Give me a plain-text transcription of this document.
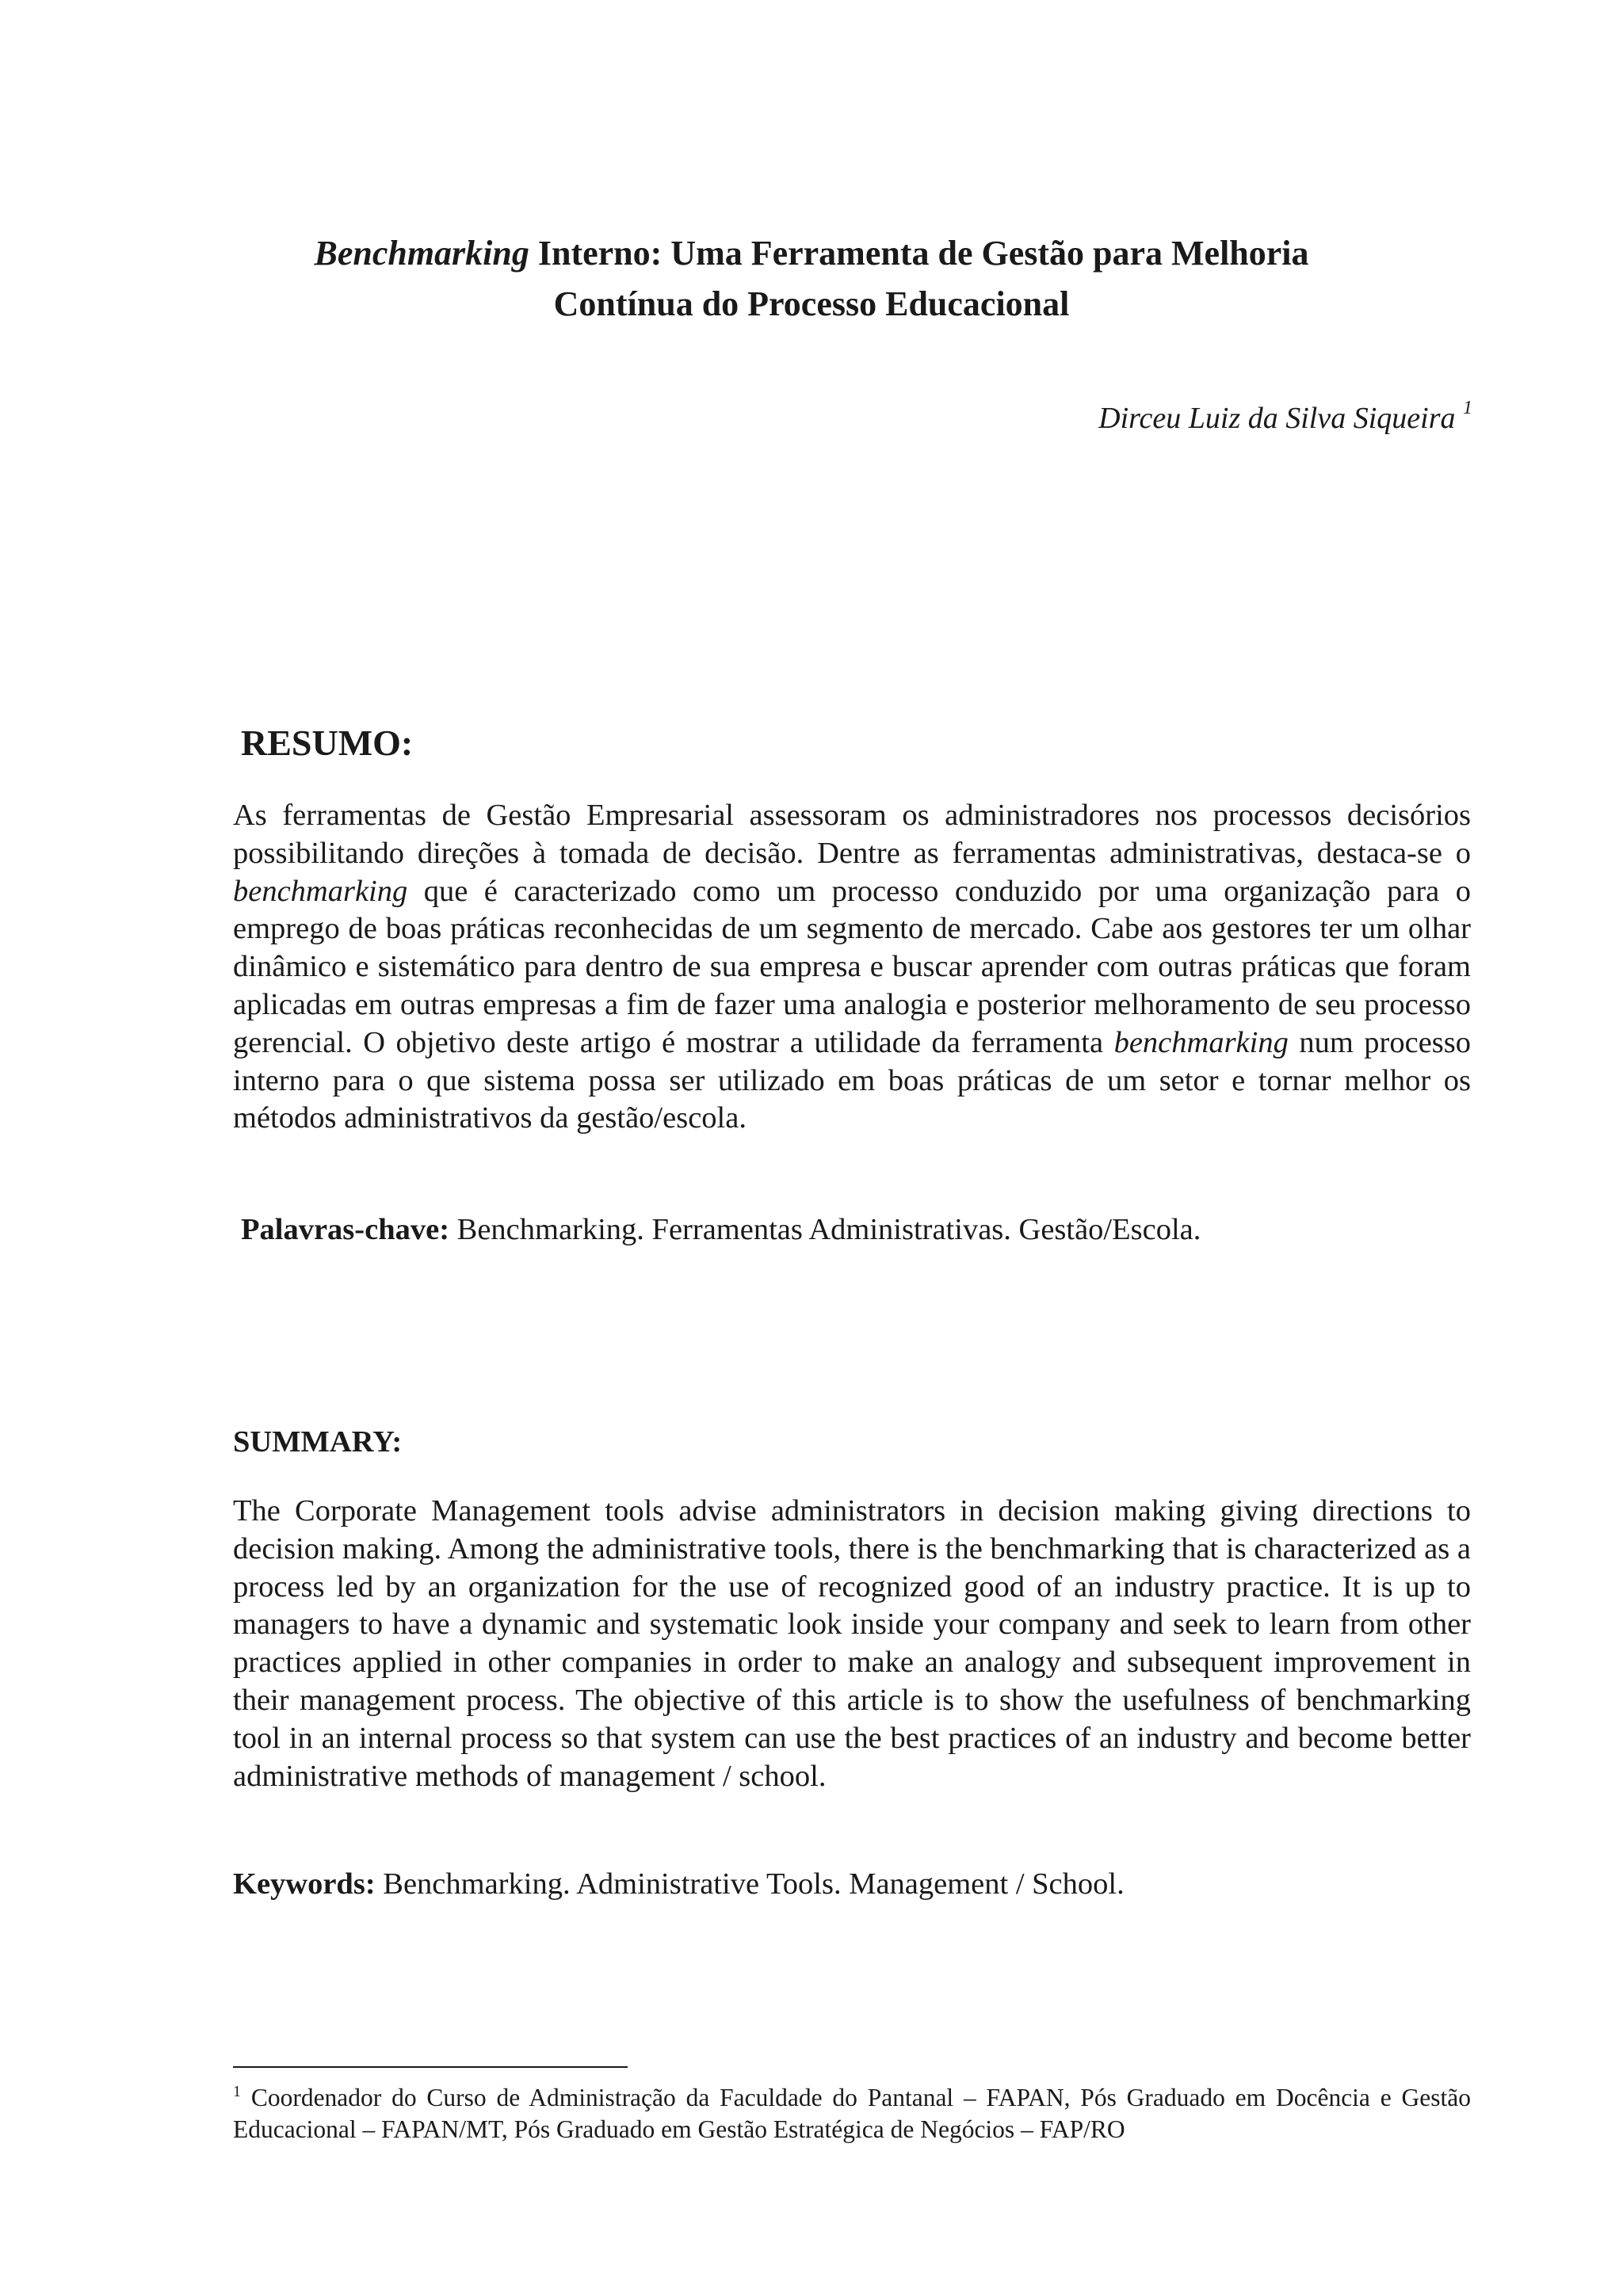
Benchmarking Interno: Uma Ferramenta de Gestão para Melhoria
Contínua do Processo Educacional

Dirceu Luiz da Silva Siqueira $^1$

RESUMO:

As ferramentas de Gestão Empresarial assessoram os administradores nos processos decisórios possibilitando direções à tomada de decisão. Dentre as ferramentas administrativas, destaca-se o benchmarking que é caracterizado como um processo conduzido por uma organização para o emprego de boas práticas reconhecidas de um segmento de mercado. Cabe aos gestores ter um olhar dinâmico e sistemático para dentro de sua empresa e buscar aprender com outras práticas que foram aplicadas em outras empresas a fim de fazer uma analogia e posterior melhoramento de seu processo gerencial. O objetivo deste artigo é mostrar a utilidade da ferramenta benchmarking num processo interno para o que sistema possa ser utilizado em boas práticas de um setor e tornar melhor os métodos administrativos da gestão/escola.

Palavras-chave: Benchmarking. Ferramentas Administrativas. Gestão/Escola.

SUMMARY:

The Corporate Management tools advise administrators in decision making giving directions to decision making. Among the administrative tools, there is the benchmarking that is characterized as a process led by an organization for the use of recognized good of an industry practice. It is up to managers to have a dynamic and systematic look inside your company and seek to learn from other practices applied in other companies in order to make an analogy and subsequent improvement in their management process. The objective of this article is to show the usefulness of benchmarking tool in an internal process so that system can use the best practices of an industry and become better administrative methods of management / school.

Keywords: Benchmarking. Administrative Tools. Management / School.

$^1$ Coordenador do Curso de Administração da Faculdade do Pantanal – FAPAN, Pós Graduado em Docência e Gestão Educacional – FAPAN/MT, Pós Graduado em Gestão Estratégica de Negócios – FAP/RO
